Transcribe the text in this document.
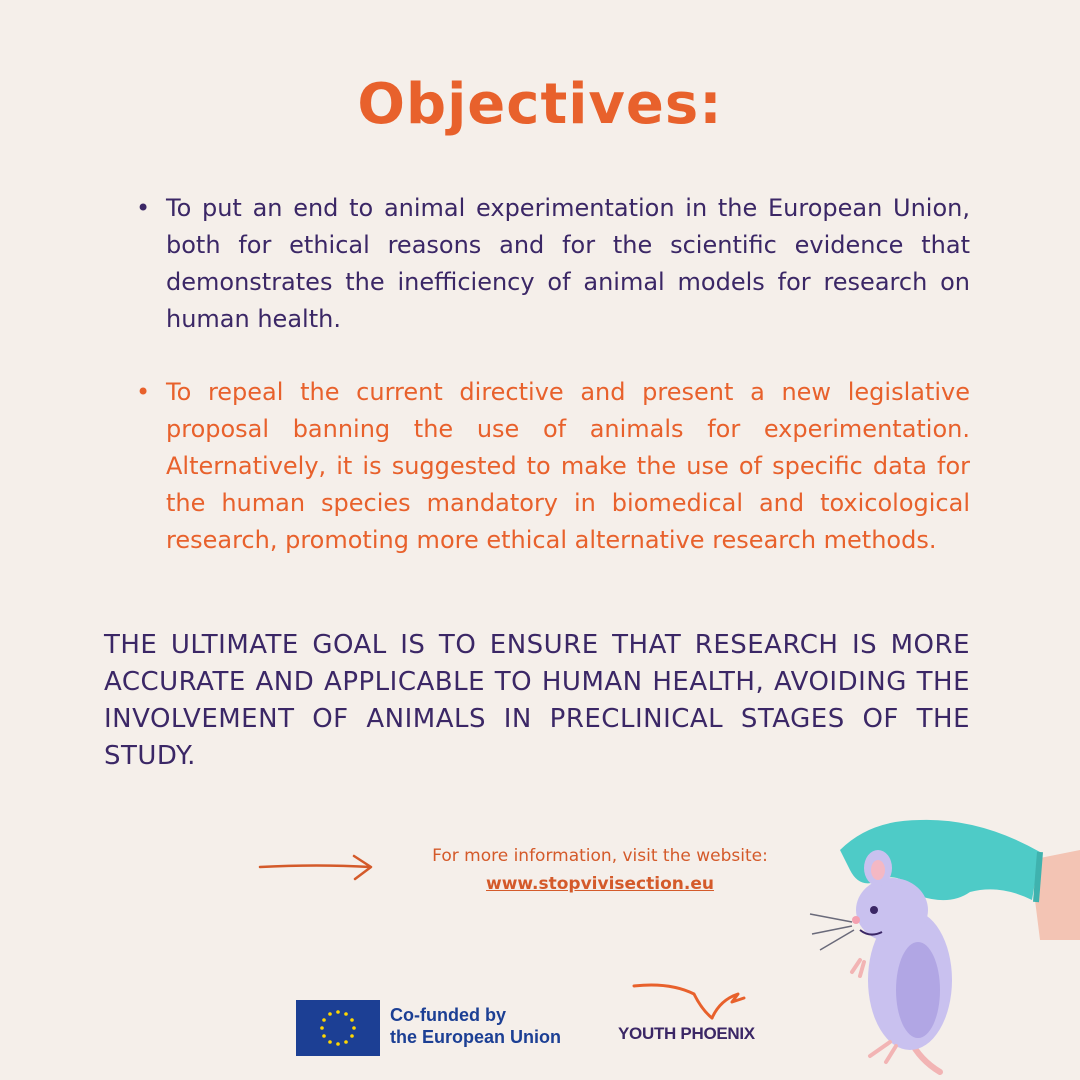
Objectives:
• To put an end to animal experimentation in the European Union, both for ethical reasons and for the scientific evidence that demonstrates the inefficiency of animal models for research on human health.
• To repeal the current directive and present a new legislative proposal banning the use of animals for experimentation. Alternatively, it is suggested to make the use of specific data for the human species mandatory in biomedical and toxicological research, promoting more ethical alternative research methods.
THE ULTIMATE GOAL IS TO ENSURE THAT RESEARCH IS MORE ACCURATE AND APPLICABLE TO HUMAN HEALTH, AVOIDING THE INVOLVEMENT OF ANIMALS IN PRECLINICAL STAGES OF THE STUDY.
For more information, visit the website:
www.stopvivisection.eu
Co-funded by
the European Union	YOUTH PHOENIX
